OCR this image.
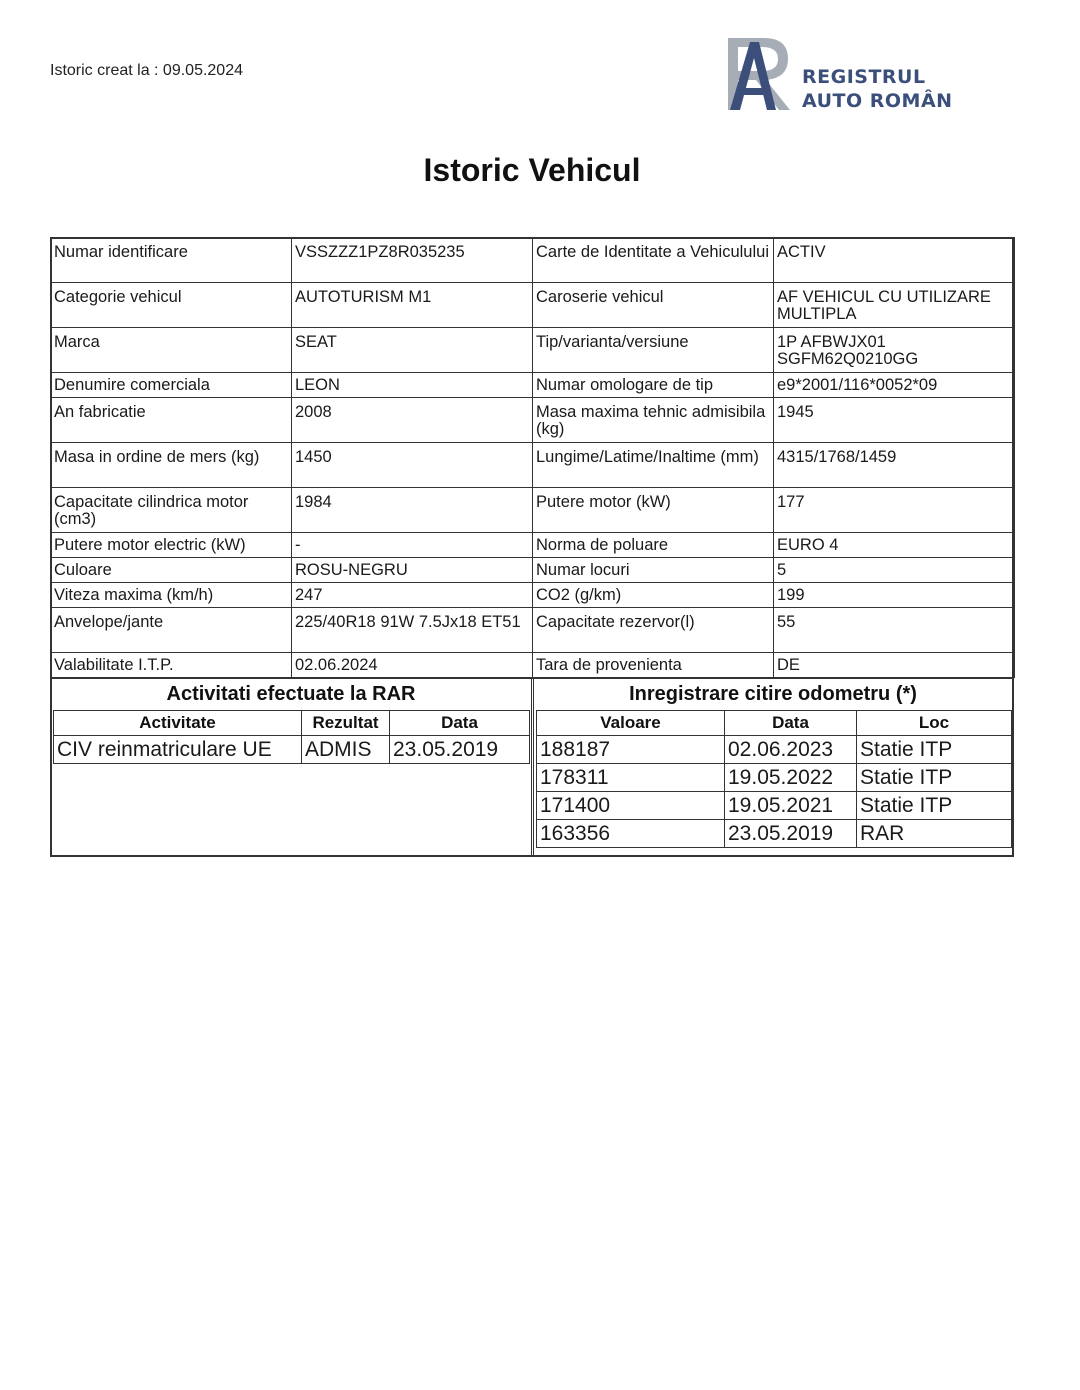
Istoric creat la : 09.05.2024	REGISTRUL
AUTO ROMÂN
Istoric Vehicul
Numar identificare	VSSZZZ1PZ8R035235	Carte de Identitate a Vehiculului	ACTIV
Categorie vehicul	AUTOTURISM M1	Caroserie vehicul	AF VEHICUL CU UTILIZARE MULTIPLA
Marca	SEAT	Tip/varianta/versiune	1P AFBWJX01 SGFM62Q0210GG
Denumire comerciala	LEON	Numar omologare de tip	e9*2001/116*0052*09
An fabricatie	2008	Masa maxima tehnic admisibila (kg)	1945
Masa in ordine de mers (kg)	1450	Lungime/Latime/Inaltime (mm)	4315/1768/1459
Capacitate cilindrica motor (cm3)	1984	Putere motor (kW)	177
Putere motor electric (kW)	-	Norma de poluare	EURO 4
Culoare	ROSU-NEGRU	Numar locuri	5
Viteza maxima (km/h)	247	CO2 (g/km)	199
Anvelope/jante	225/40R18 91W 7.5Jx18 ET51	Capacitate rezervor(l)	55
Valabilitate I.T.P.	02.06.2024	Tara de provenienta	DE
Activitati efectuate la RAR	Inregistrare citire odometru (*)
Activitate	Rezultat	Data
CIV reinmatriculare UE	ADMIS	23.05.2019
Valoare	Data	Loc
188187	02.06.2023	Statie ITP
178311	19.05.2022	Statie ITP
171400	19.05.2021	Statie ITP
163356	23.05.2019	RAR
